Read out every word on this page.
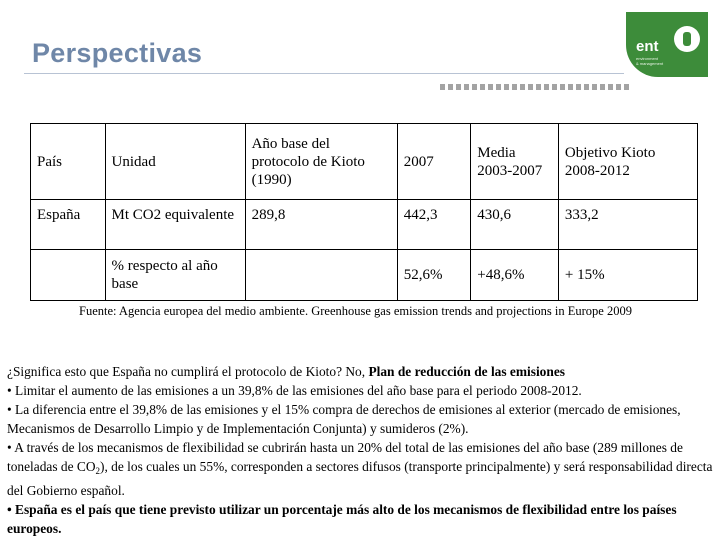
Perspectivas	ent
environment
& management
País	Unidad	Año base del protocolo de Kioto (1990)	2007	Media 2003-2007	Objetivo Kioto 2008-2012
España	Mt CO2 equivalente	289,8	442,3	430,6	333,2
	% respecto al año base		52,6%	+48,6%	+ 15%
Fuente: Agencia europea del medio ambiente. Greenhouse gas emission trends and projections in Europe 2009

¿Significa esto que España no cumplirá el protocolo de Kioto? No, Plan de reducción de las emisiones

• Limitar el aumento de las emisiones a un 39,8% de las emisiones del año base para el periodo 2008-2012.

• La diferencia entre el 39,8% de las emisiones y el 15% compra de derechos de emisiones al exterior (mercado de emisiones, Mecanismos de Desarrollo Limpio y de Implementación Conjunta) y sumideros (2%).

• A través de los mecanismos de flexibilidad se cubrirán hasta un 20% del total de las emisiones del año base (289 millones de toneladas de $CO_2$), de los cuales un 55%, corresponden a sectores difusos (transporte principalmente) y será responsabilidad directa del Gobierno español.

• España es el país que tiene previsto utilizar un porcentaje más alto de los mecanismos de flexibilidad entre los países europeos.
